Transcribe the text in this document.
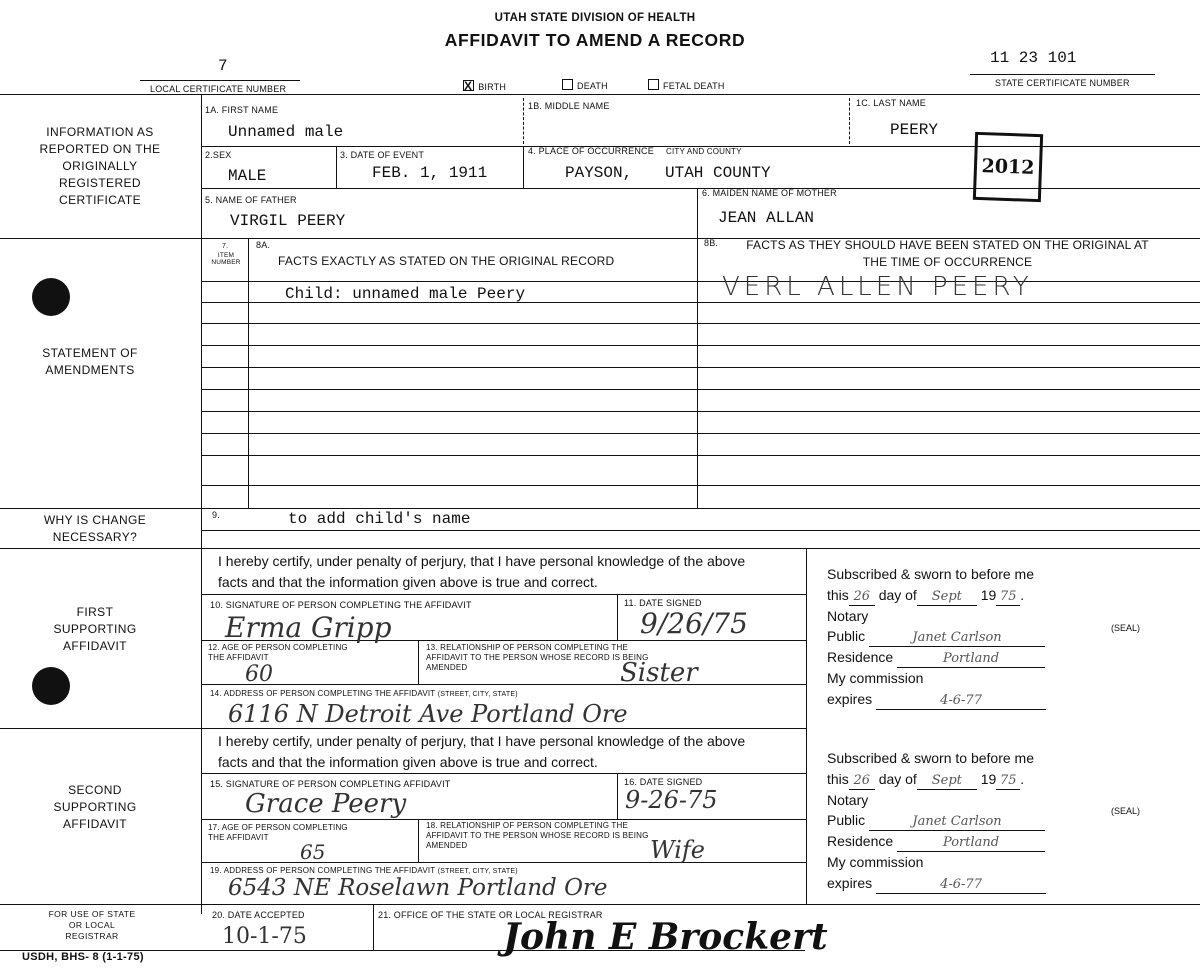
UTAH STATE DIVISION OF HEALTH
AFFIDAVIT TO AMEND A RECORD
7
LOCAL CERTIFICATE NUMBER
11 23 101
STATE CERTIFICATE NUMBER
X BIRTH	DEATH	FETAL DEATH
INFORMATION AS REPORTED ON THE ORIGINALLY REGISTERED CERTIFICATE
STATEMENT OF AMENDMENTS
WHY IS CHANGE NECESSARY?
FIRST SUPPORTING AFFIDAVIT
SECOND SUPPORTING AFFIDAVIT
FOR USE OF STATE OR LOCAL REGISTRAR
USDH, BHS- 8 (1-1-75)
1A. FIRST NAME
Unnamed male
1B. MIDDLE NAME	1C. LAST NAME
PEERY
2012
2.SEX
MALE
3. DATE OF EVENT
FEB. 1, 1911
4. PLACE OF OCCURRENCE CITY AND COUNTY
PAYSON, UTAH COUNTY
5. NAME OF FATHER
VIRGIL PEERY
6. MAIDEN NAME OF MOTHER
JEAN ALLAN
7.
ITEM NUMBER
8A.
FACTS EXACTLY AS STATED ON THE ORIGINAL RECORD
8B.	FACTS AS THEY SHOULD HAVE BEEN STATED ON THE ORIGINAL AT THE TIME OF OCCURRENCE
Child: unnamed male Peery	VERL ALLEN PEERY
9.	to add child's name
I hereby certify, under penalty of perjury, that I have personal knowledge of the above facts and that the information given above is true and correct.
10. SIGNATURE OF PERSON COMPLETING THE AFFIDAVIT
Erma Gripp
11. DATE SIGNED
9/26/75
12. AGE OF PERSON COMPLETING THE AFFIDAVIT
60
13. RELATIONSHIP OF PERSON COMPLETING THE AFFIDAVIT TO THE PERSON WHOSE RECORD IS BEING AMENDED	Sister
14. ADDRESS OF PERSON COMPLETING THE AFFIDAVIT (STREET, CITY, STATE)
6116 N Detroit Ave Portland Ore
Subscribed & sworn to before me
this 26 day of Sept 19 75 .
Notary
Public	Janet Carlson
Residence	Portland
My commission
expires	4-6-77
(SEAL)
I hereby certify, under penalty of perjury, that I have personal knowledge of the above facts and that the information given above is true and correct.
15. SIGNATURE OF PERSON COMPLETING AFFIDAVIT
Grace Peery
16. DATE SIGNED
9-26-75
17. AGE OF PERSON COMPLETING THE AFFIDAVIT
65
18. RELATIONSHIP OF PERSON COMPLETING THE AFFIDAVIT TO THE PERSON WHOSE RECORD IS BEING AMENDED	Wife
19. ADDRESS OF PERSON COMPLETING THE AFFIDAVIT (STREET, CITY, STATE)
6543 NE Roselawn Portland Ore
Subscribed & sworn to before me
this 26 day of Sept 19 75 .
Notary
Public	Janet Carlson
Residence	Portland
My commission
expires	4-6-77
(SEAL)
20. DATE ACCEPTED
10-1-75
21. OFFICE OF THE STATE OR LOCAL REGISTRAR
John E Brockert
